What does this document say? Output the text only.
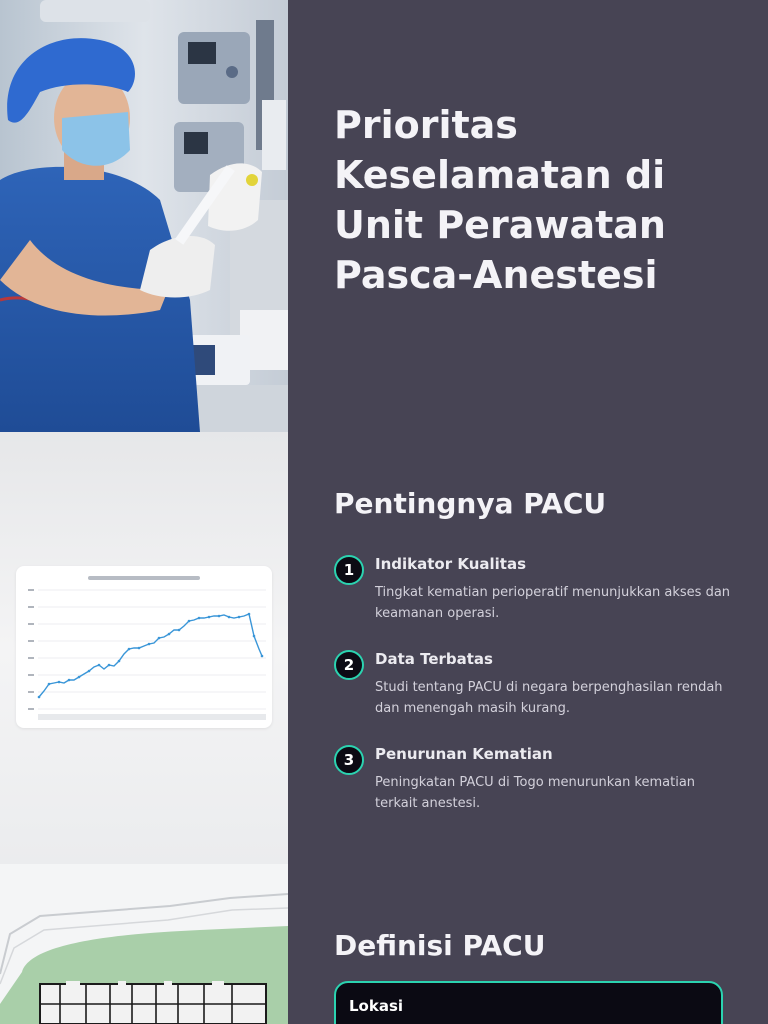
Prioritas Keselamatan di Unit Perawatan Pasca-Anestesi
Pentingnya PACU
1	Indikator Kualitas
Tingkat kematian perioperatif menunjukkan akses dan keamanan operasi.
2	Data Terbatas
Studi tentang PACU di negara berpenghasilan rendah dan menengah masih kurang.
3	Penurunan Kematian
Peningkatan PACU di Togo menurunkan kematian terkait anestesi.
Definisi PACU
Lokasi
